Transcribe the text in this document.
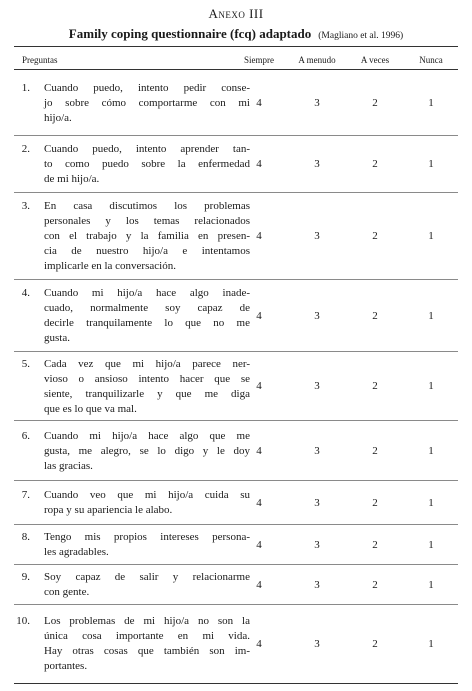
Anexo III
Family coping questionnaire (fcq) adaptado (Magliano et al. 1996)
Preguntas	Siempre	A menudo	A veces	Nunca
1. Cuando puedo, intento pedir conse-
jo sobre cómo comportarme con mi
hijo/a.
4	3	2	1
2. Cuando puedo, intento aprender tan-
to como puedo sobre la enfermedad
de mi hijo/a.
4	3	2	1
3. En casa discutimos los problemas
personales y los temas relacionados
con el trabajo y la familia en presen-
cia de nuestro hijo/a e intentamos
implicarle en la conversación.
4	3	2	1
4. Cuando mi hijo/a hace algo inade-
cuado, normalmente soy capaz de
decirle tranquilamente lo que no me
gusta.
4	3	2	1
5. Cada vez que mi hijo/a parece ner-
vioso o ansioso intento hacer que se
siente, tranquilizarle y que me diga
que es lo que va mal.
4	3	2	1
6. Cuando mi hijo/a hace algo que me
gusta, me alegro, se lo digo y le doy
las gracias.
4	3	2	1
7. Cuando veo que mi hijo/a cuida su
ropa y su apariencia le alabo.
4	3	2	1
8. Tengo mis propios intereses persona-
les agradables.
4	3	2	1
9. Soy capaz de salir y relacionarme
con gente.
4	3	2	1
10. Los problemas de mi hijo/a no son la
única cosa importante en mi vida.
Hay otras cosas que también son im-
portantes.
4	3	2	1
